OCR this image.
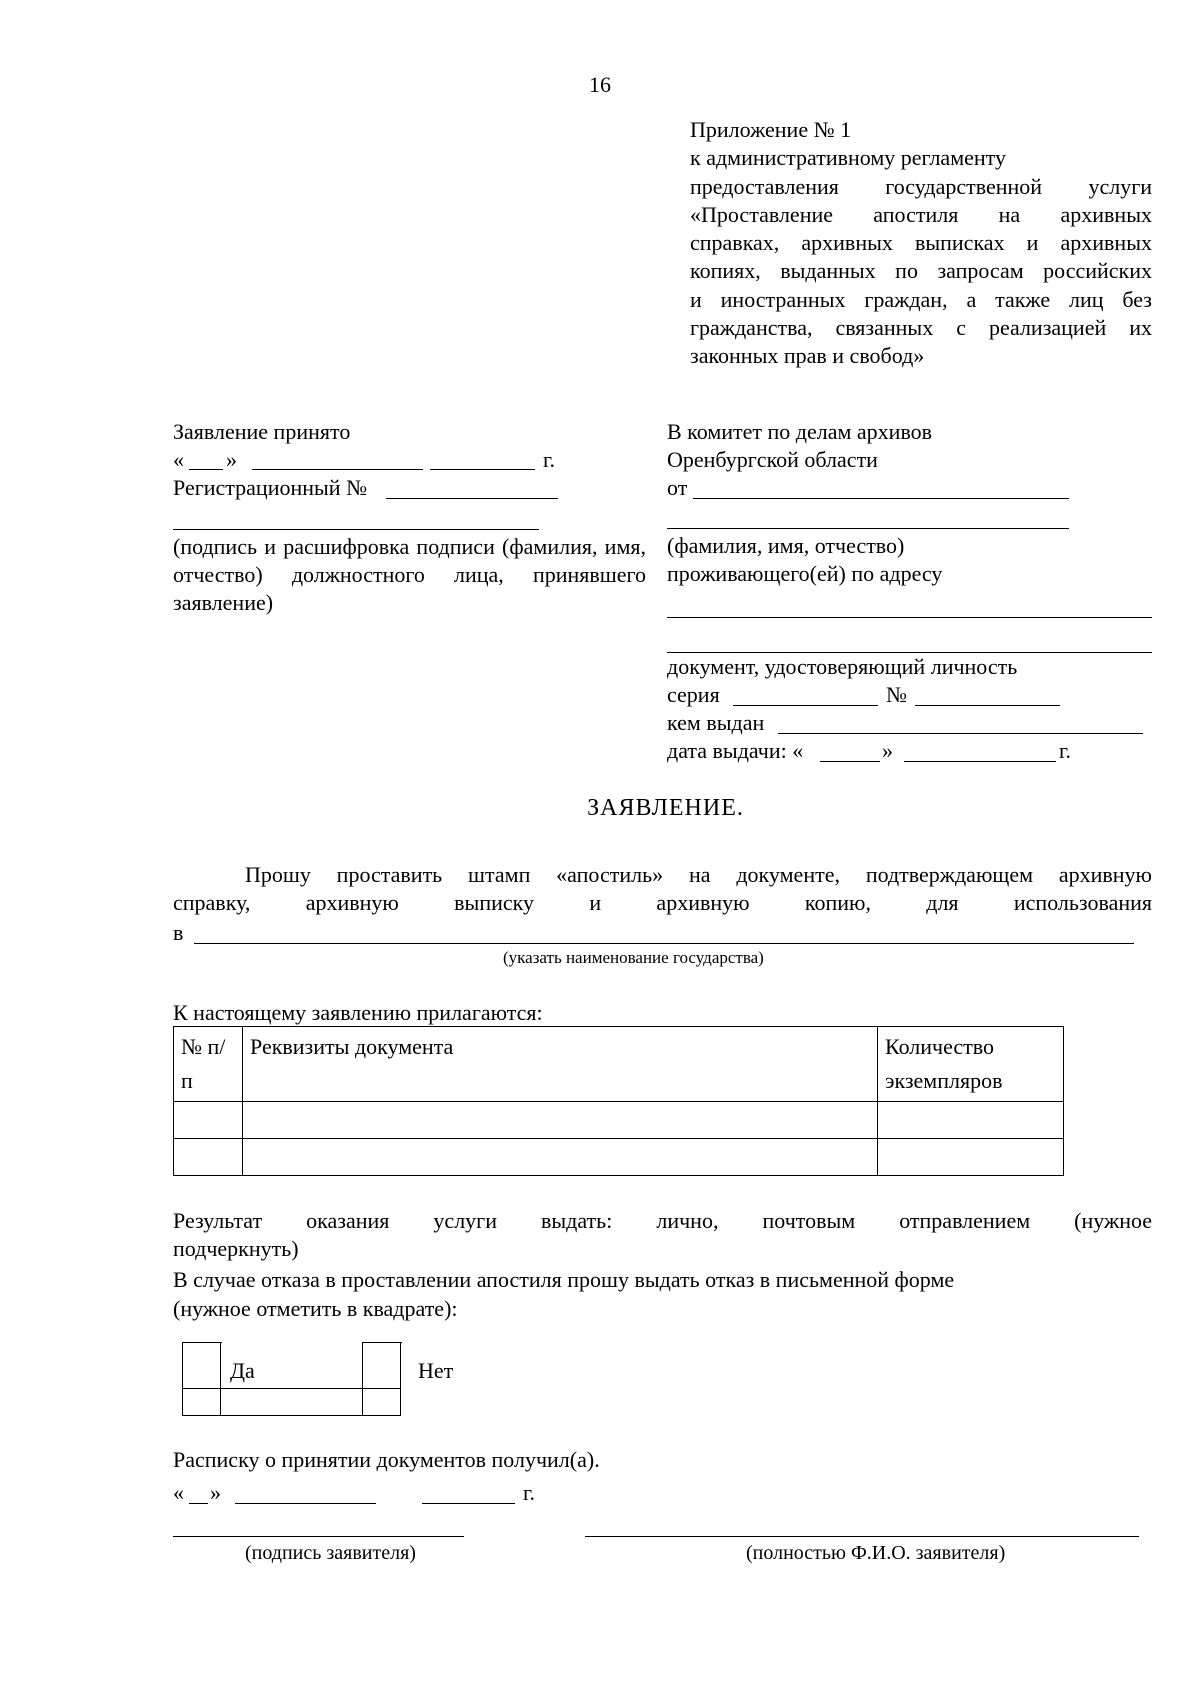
16
Приложение № 1
к административному регламенту
предоставления государственной услуги
«Проставление апостиля на архивных
справках, архивных выписках и архивных
копиях, выданных по запросам российских
и иностранных граждан, а также лиц без
гражданства, связанных с реализацией их
законных прав и свобод»
Заявление принято
« »	г.
Регистрационный №
(подпись и расшифровка подписи (фамилия, имя, отчество) должностного лица, принявшего заявление)
В комитет по делам архивов
Оренбургской области
от
(фамилия, имя, отчество)
проживающего(ей) по адресу
документ, удостоверяющий личность
серия	№
кем выдан
дата выдачи: «	»	г.
ЗАЯВЛЕНИЕ.
Прошу проставить штамп «апостиль» на документе, подтверждающем архивную
справку, архивную выписку и архивную копию, для использования
в
(указать наименование государства)
К настоящему заявлению прилагаются:
№ п/п	Реквизиты документа	Количество экземпляров

Результат оказания услуги выдать: лично, почтовым отправлением (нужное
подчеркнуть)
В случае отказа в проставлении апостиля прошу выдать отказ в письменной форме
(нужное отметить в квадрате):
Да	Нет
Расписку о принятии документов получил(а).
« »	г.
(подпись заявителя)	(полностью Ф.И.О. заявителя)
